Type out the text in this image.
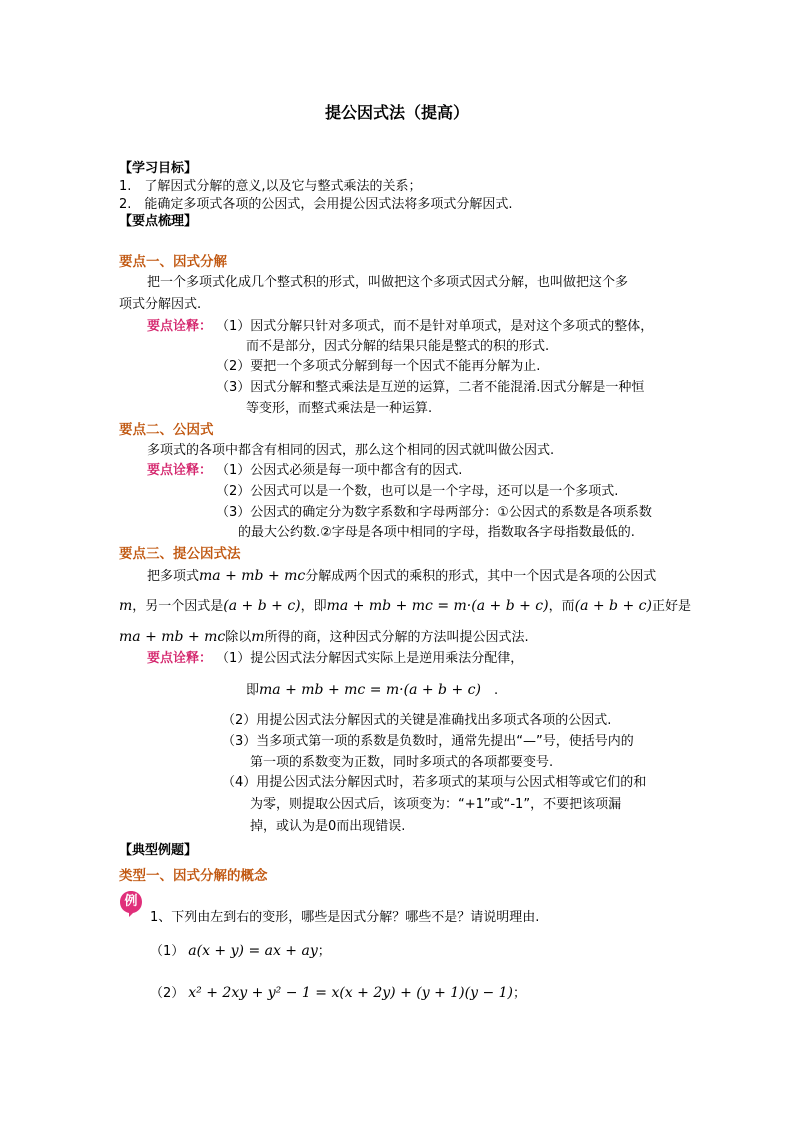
提公因式法（提高）
【学习目标】
1.　了解因式分解的意义,以及它与整式乘法的关系；
2.　能确定多项式各项的公因式，会用提公因式法将多项式分解因式.
【要点梳理】
要点一、因式分解
把一个多项式化成几个整式积的形式，叫做把这个多项式因式分解，也叫做把这个多
项式分解因式.
要点诠释： （1）因式分解只针对多项式，而不是针对单项式，是对这个多项式的整体，
而不是部分，因式分解的结果只能是整式的积的形式.
（2）要把一个多项式分解到每一个因式不能再分解为止.
（3）因式分解和整式乘法是互逆的运算，二者不能混淆.因式分解是一种恒
等变形，而整式乘法是一种运算.
要点二、公因式
多项式的各项中都含有相同的因式，那么这个相同的因式就叫做公因式.
要点诠释： （1）公因式必须是每一项中都含有的因式.
（2）公因式可以是一个数，也可以是一个字母，还可以是一个多项式.
（3）公因式的确定分为数字系数和字母两部分：①公因式的系数是各项系数
的最大公约数.②字母是各项中相同的字母，指数取各字母指数最低的.
要点三、提公因式法
把多项式ma + mb + mc分解成两个因式的乘积的形式，其中一个因式是各项的公因式
m，另一个因式是(a + b + c)，即ma + mb + mc = m·(a + b + c)，而(a + b + c)正好是
ma + mb + mc除以m所得的商，这种因式分解的方法叫提公因式法.
要点诠释： （1）提公因式法分解因式实际上是逆用乘法分配律，
即ma + mb + mc = m·(a + b + c)　.
（2）用提公因式法分解因式的关键是准确找出多项式各项的公因式.
（3）当多项式第一项的系数是负数时，通常先提出“—”号，使括号内的
第一项的系数变为正数，同时多项式的各项都要变号.
（4）用提公因式法分解因式时，若多项式的某项与公因式相等或它们的和
为零，则提取公因式后，该项变为：“+1”或“-1”，不要把该项漏
掉，或认为是0而出现错误.
【典型例题】
类型一、因式分解的概念
例
1、下列由左到右的变形，哪些是因式分解？哪些不是？请说明理由.
（1） a(x + y) = ax + ay；
（2） x² + 2xy + y² − 1 = x(x + 2y) + (y + 1)(y − 1)；
